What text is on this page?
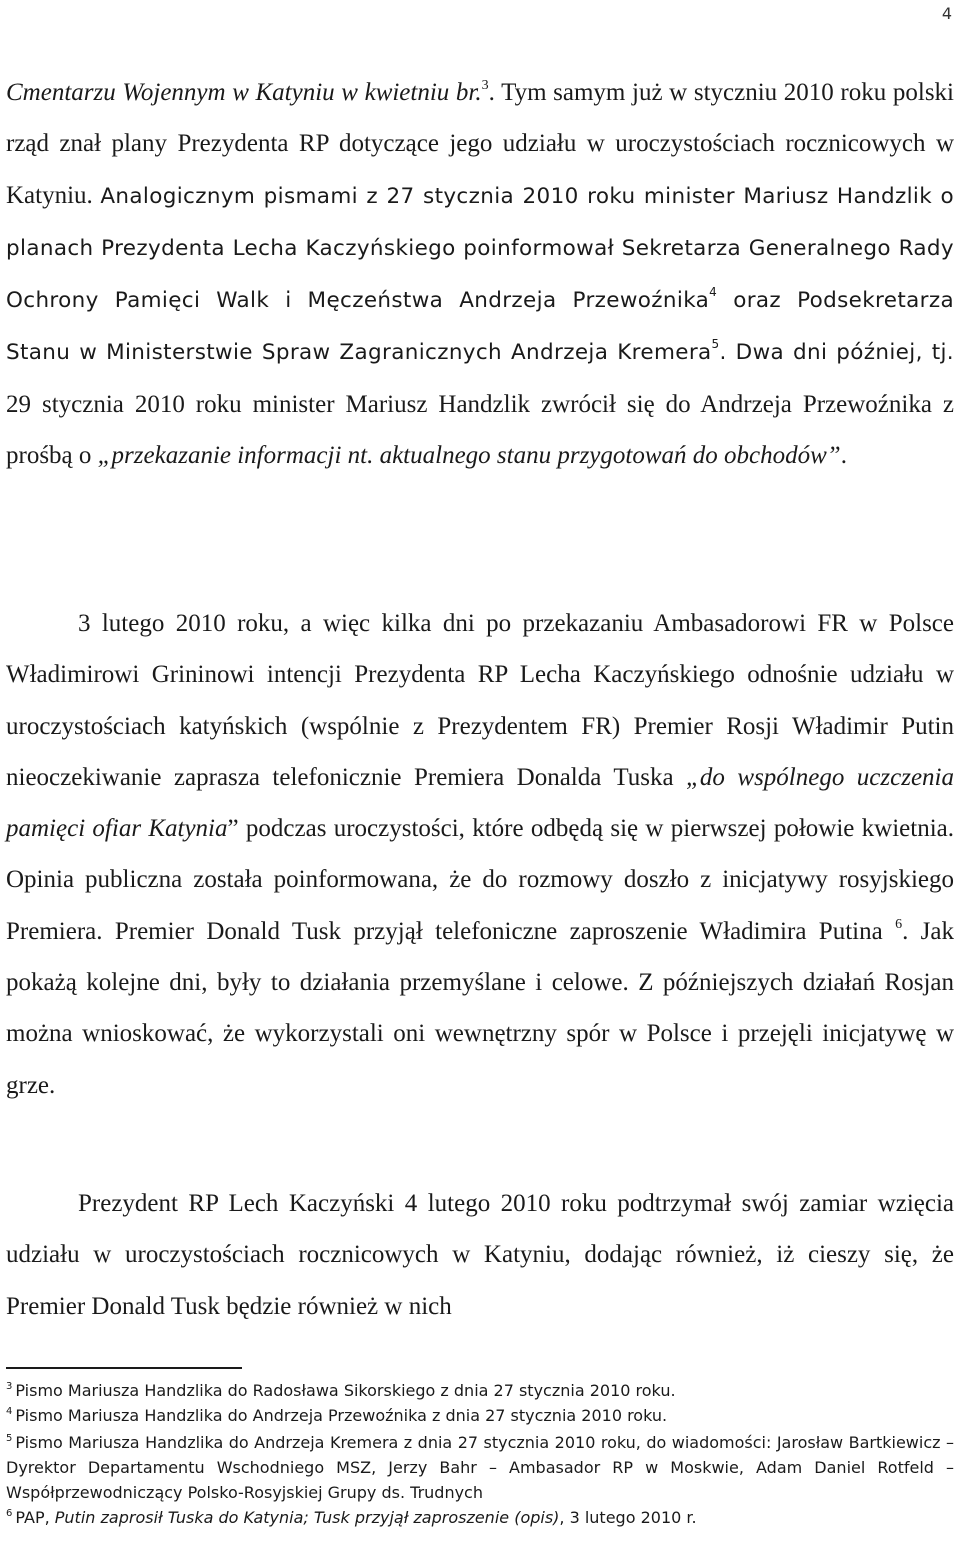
4

Cmentarzu Wojennym w Katyniu w kwietniu br.$^3$. Tym samym już w styczniu 2010 roku polski rząd znał plany Prezydenta RP dotyczące jego udziału w uroczystościach rocznicowych w Katyniu. Analogicznym pismami z 27 stycznia 2010 roku minister Mariusz Handzlik o planach Prezydenta Lecha Kaczyńskiego poinformował Sekretarza Generalnego Rady Ochrony Pamięci Walk i Męczeństwa Andrzeja Przewoźnika$^4$ oraz Podsekretarza Stanu w Ministerstwie Spraw Zagranicznych Andrzeja Kremera$^5$. Dwa dni później, tj. 29 stycznia 2010 roku minister Mariusz Handzlik zwrócił się do Andrzeja Przewoźnika z prośbą o „przekazanie informacji nt. aktualnego stanu przygotowań do obchodów”.

3 lutego 2010 roku, a więc kilka dni po przekazaniu Ambasadorowi FR w Polsce Władimirowi Grininowi intencji Prezydenta RP Lecha Kaczyńskiego odnośnie udziału w uroczystościach katyńskich (wspólnie z Prezydentem FR) Premier Rosji Władimir Putin nieoczekiwanie zaprasza telefonicznie Premiera Donalda Tuska „do wspólnego uczczenia pamięci ofiar Katynia” podczas uroczystości, które odbędą się w pierwszej połowie kwietnia. Opinia publiczna została poinformowana, że do rozmowy doszło z inicjatywy rosyjskiego Premiera. Premier Donald Tusk przyjął telefoniczne zaproszenie Władimira Putina $^6$. Jak pokażą kolejne dni, były to działania przemyślane i celowe. Z późniejszych działań Rosjan można wnioskować, że wykorzystali oni wewnętrzny spór w Polsce i przejęli inicjatywę w grze.

Prezydent RP Lech Kaczyński 4 lutego 2010 roku podtrzymał swój zamiar wzięcia udziału w uroczystościach rocznicowych w Katyniu, dodając również, iż cieszy się, że Premier Donald Tusk będzie również w nich

$^3$ Pismo Mariusza Handzlika do Radosława Sikorskiego z dnia 27 stycznia 2010 roku.

$^4$ Pismo Mariusza Handzlika do Andrzeja Przewoźnika z dnia 27 stycznia 2010 roku.

$^5$ Pismo Mariusza Handzlika do Andrzeja Kremera z dnia 27 stycznia 2010 roku, do wiadomości: Jarosław Bartkiewicz – Dyrektor Departamentu Wschodniego MSZ, Jerzy Bahr – Ambasador RP w Moskwie, Adam Daniel Rotfeld – Współprzewodniczący Polsko-Rosyjskiej Grupy ds. Trudnych

$^6$ PAP, Putin zaprosił Tuska do Katynia; Tusk przyjął zaproszenie (opis), 3 lutego 2010 r.
